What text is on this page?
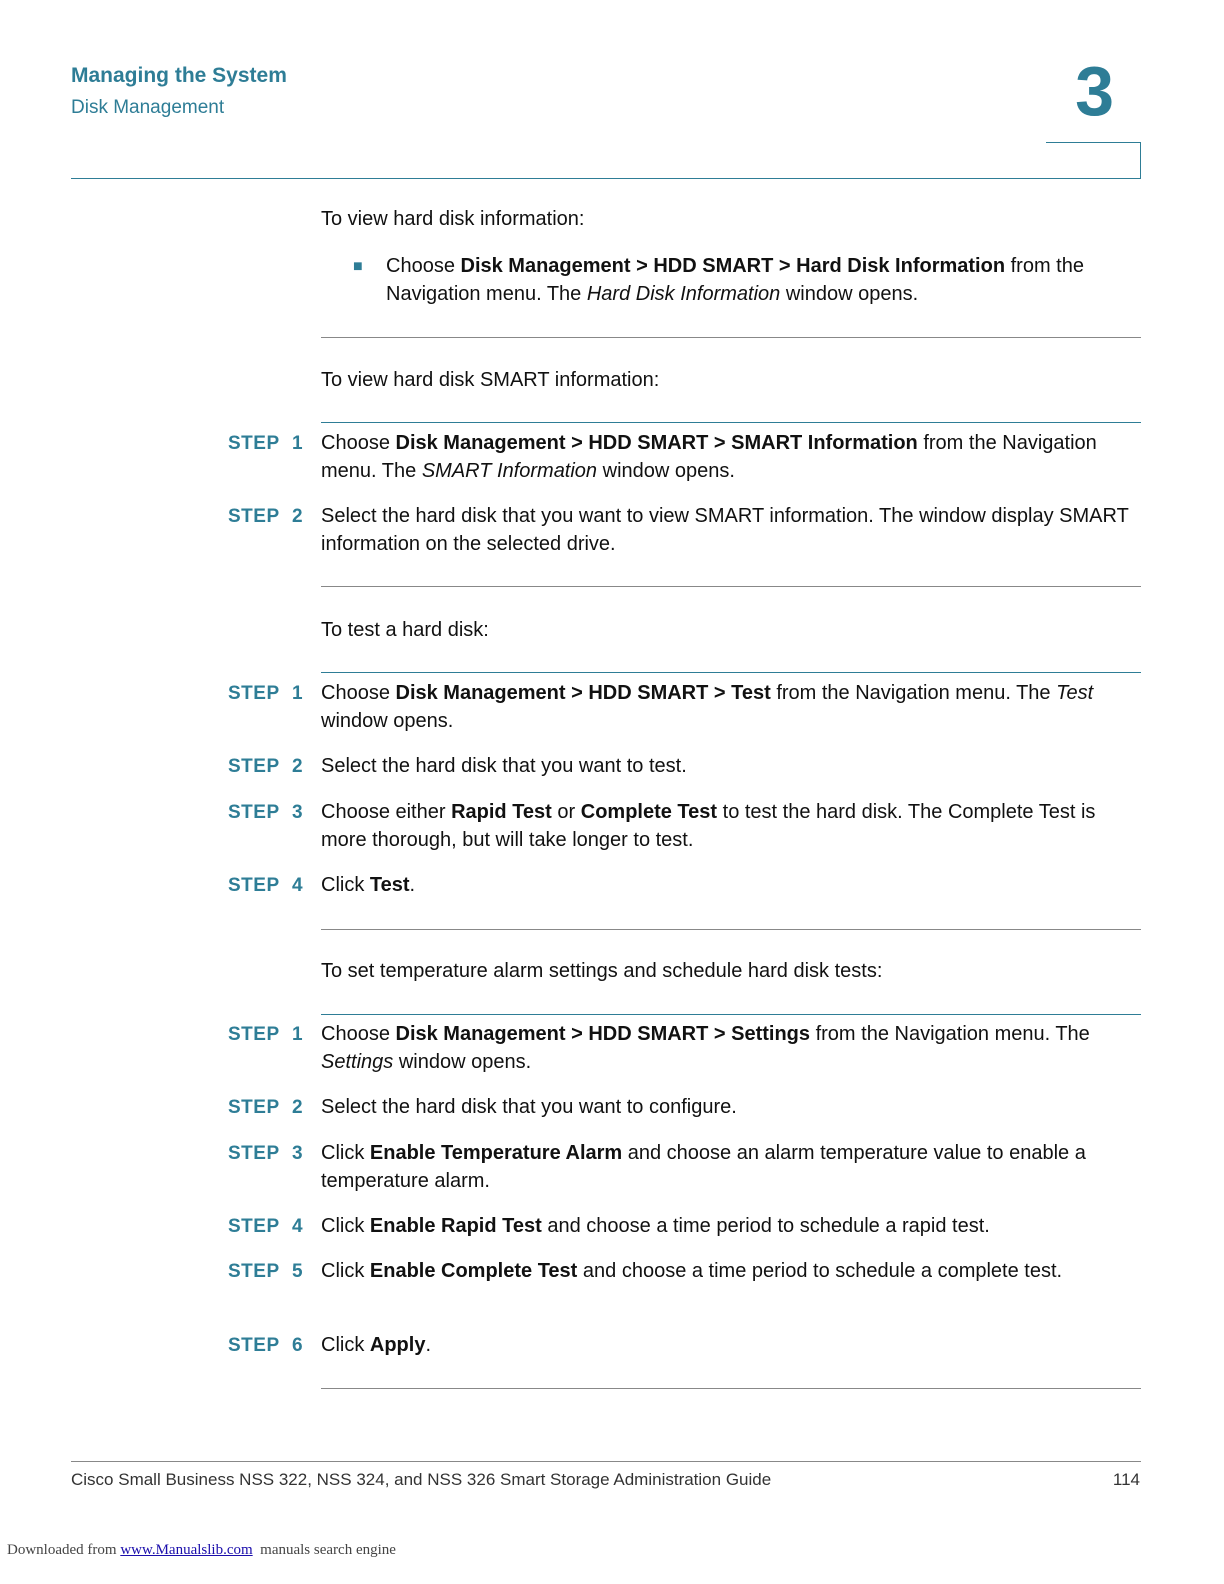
Managing the System
Disk Management	3
To view hard disk information:
■ Choose Disk Management > HDD SMART > Hard Disk Information from the Navigation menu. The Hard Disk Information window opens.
To view hard disk SMART information:
STEP 1 Choose Disk Management > HDD SMART > SMART Information from the Navigation menu. The SMART Information window opens.
STEP 2 Select the hard disk that you want to view SMART information. The window display SMART information on the selected drive.
To test a hard disk:
STEP 1 Choose Disk Management > HDD SMART > Test from the Navigation menu. The Test window opens.
STEP 2 Select the hard disk that you want to test.
STEP 3 Choose either Rapid Test or Complete Test to test the hard disk. The Complete Test is more thorough, but will take longer to test.
STEP 4 Click Test.
To set temperature alarm settings and schedule hard disk tests:
STEP 1 Choose Disk Management > HDD SMART > Settings from the Navigation menu. The Settings window opens.
STEP 2 Select the hard disk that you want to configure.
STEP 3 Click Enable Temperature Alarm and choose an alarm temperature value to enable a temperature alarm.
STEP 4 Click Enable Rapid Test and choose a time period to schedule a rapid test.
STEP 5 Click Enable Complete Test and choose a time period to schedule a complete test.
STEP 6 Click Apply.
Cisco Small Business NSS 322, NSS 324, and NSS 326 Smart Storage Administration Guide	114
Downloaded from www.Manualslib.com  manuals search engine
